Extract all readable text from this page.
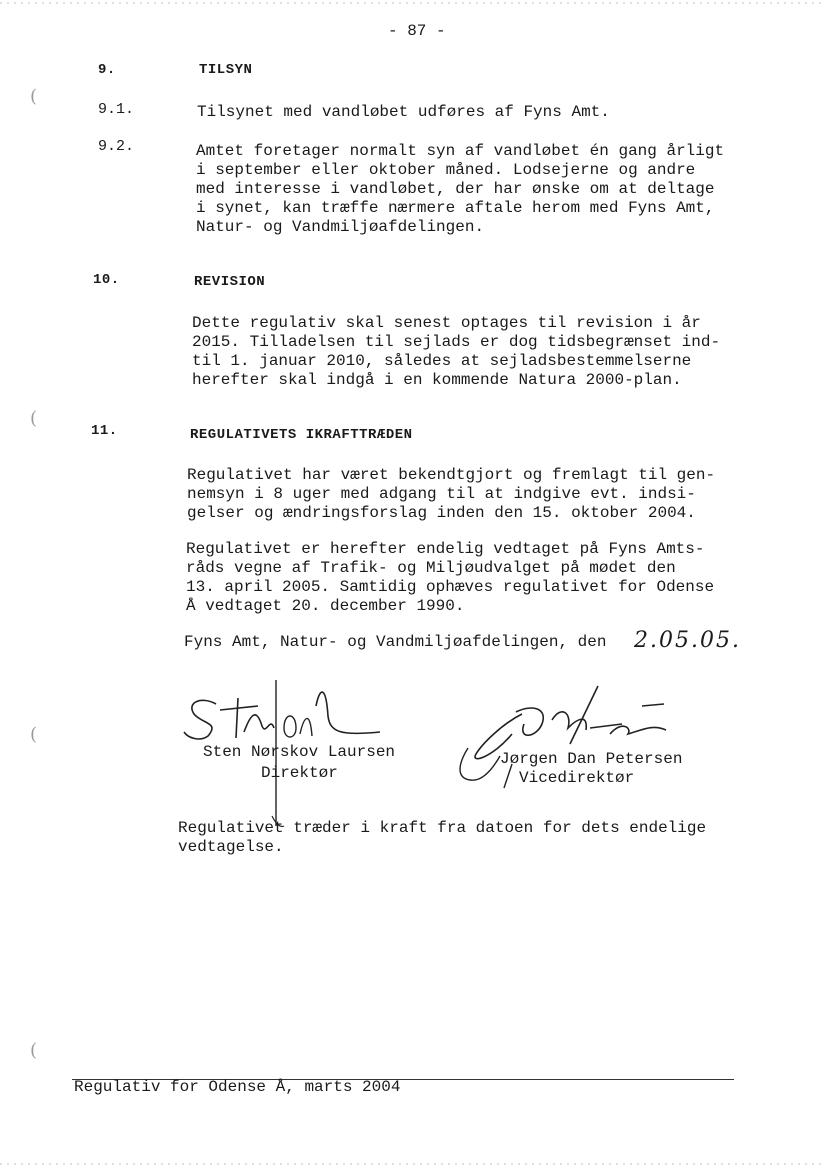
(
(
(
(
- 87 -
9.	TILSYN
9.1.	Tilsynet med vandløbet udføres af Fyns Amt.
9.2.	Amtet foretager normalt syn af vandløbet én gang årligt
i september eller oktober måned. Lodsejerne og andre
med interesse i vandløbet, der har ønske om at deltage
i synet, kan træffe nærmere aftale herom med Fyns Amt,
Natur- og Vandmiljøafdelingen.
10.	REVISION
Dette regulativ skal senest optages til revision i år
2015. Tilladelsen til sejlads er dog tidsbegrænset ind-
til 1. januar 2010, således at sejladsbestemmelserne
herefter skal indgå i en kommende Natura 2000-plan.
11.	REGULATIVETS IKRAFTTRÆDEN
Regulativet har været bekendtgjort og fremlagt til gen-
nemsyn i 8 uger med adgang til at indgive evt. indsi-
gelser og ændringsforslag inden den 15. oktober 2004.
Regulativet er herefter endelig vedtaget på Fyns Amts-
råds vegne af Trafik- og Miljøudvalget på mødet den
13. april 2005. Samtidig ophæves regulativet for Odense
Å vedtaget 20. december 1990.
Fyns Amt, Natur- og Vandmiljøafdelingen, den 2.05.05.
Sten Nørskov Laursen
Direktør
Jørgen Dan Petersen
Vicedirektør
Regulativet træder i kraft fra datoen for dets endelige
vedtagelse.
Regulativ for Odense Å, marts 2004
